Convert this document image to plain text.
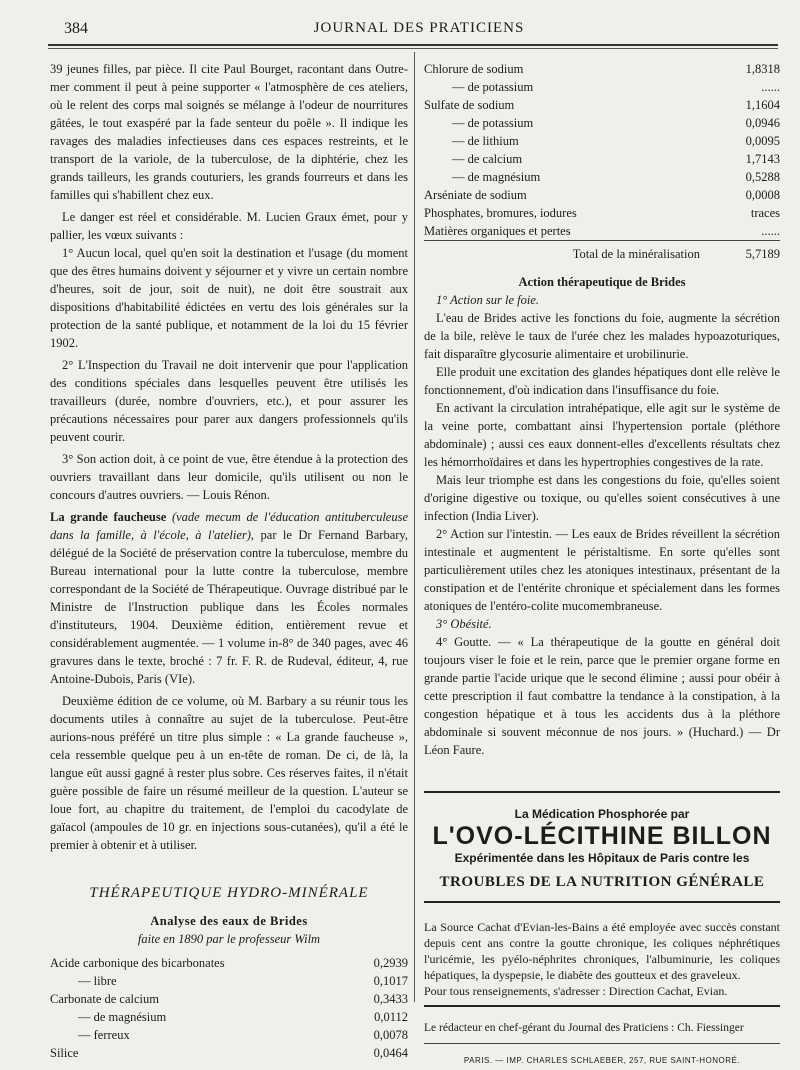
384	JOURNAL DES PRATICIENS

39 jeunes filles, par pièce. Il cite Paul Bourget, racontant dans Outre-mer comment il peut à peine supporter « l'atmosphère de ces ateliers, où le relent des corps mal soignés se mélange à l'odeur de nourritures gâtées, le tout exaspéré par la fade senteur du poêle ». Il indique les ravages des maladies infectieuses dans ces espaces restreints, et le transport de la variole, de la tuberculose, de la diphtérie, chez les grands tailleurs, les grands couturiers, les grands fourreurs et dans les familles qui s'habillent chez eux.

Le danger est réel et considérable. M. Lucien Graux émet, pour y pallier, les vœux suivants :

1° Aucun local, quel qu'en soit la destination et l'usage (du moment que des êtres humains doivent y séjourner et y vivre un certain nombre d'heures, soit de jour, soit de nuit), ne doit être soustrait aux dispositions d'habitabilité édictées en vertu des lois générales sur la protection de la santé publique, et notamment de la loi du 15 février 1902.

2° L'Inspection du Travail ne doit intervenir que pour l'application des conditions spéciales dans lesquelles peuvent être utilisés les travailleurs (durée, nombre d'ouvriers, etc.), et pour assurer les précautions nécessaires pour parer aux dangers professionnels qu'ils peuvent courir.

3° Son action doit, à ce point de vue, être étendue à la protection des ouvriers travaillant dans leur domicile, qu'ils utilisent ou non le concours d'autres ouvriers. — Louis Rénon.

La grande faucheuse (vade mecum de l'éducation antituberculeuse dans la famille, à l'école, à l'atelier), par le Dr Fernand Barbary, délégué de la Société de préservation contre la tuberculose, membre du Bureau international pour la lutte contre la tuberculose, membre correspondant de la Société de Thérapeutique. Ouvrage distribué par le Ministre de l'Instruction publique dans les Écoles normales d'instituteurs, 1904. Deuxième édition, entièrement revue et considérablement augmentée. — 1 volume in-8° de 340 pages, avec 46 gravures dans le texte, broché : 7 fr. F. R. de Rudeval, éditeur, 4, rue Antoine-Dubois, Paris (VIe).

Deuxième édition de ce volume, où M. Barbary a su réunir tous les documents utiles à connaître au sujet de la tuberculose. Peut-être aurions-nous préféré un titre plus simple : « La grande faucheuse », cela ressemble quelque peu à un en-tête de roman. De ci, de là, la langue eût aussi gagné à rester plus sobre. Ces réserves faites, il n'était guère possible de faire un résumé meilleur de la question. L'auteur se loue fort, au chapitre du traitement, de l'emploi du cacodylate de gaïacol (ampoules de 10 gr. en injections sous-cutanées), qu'il a été le premier à obtenir et à utiliser.

THÉRAPEUTIQUE HYDRO-MINÉRALE
Analyse des eaux de Brides
faite en 1890 par le professeur Wilm
Acide carbonique des bicarbonates	0,2939
— libre	0,1017
Carbonate de calcium	0,3433
— de magnésium	0,0112
— ferreux	0,0078
Silice	0,0464
Chlorure de sodium	1,8318
— de potassium	......
Sulfate de sodium	1,1604
— de potassium	0,0946
— de lithium	0,0095
— de calcium	1,7143
— de magnésium	0,5288
Arséniate de sodium	0,0008
Phosphates, bromures, iodures	traces
Matières organiques et pertes	......
Total de la minéralisation	5,7189
Action thérapeutique de Brides

1° Action sur le foie.

L'eau de Brides active les fonctions du foie, augmente la sécrétion de la bile, relève le taux de l'urée chez les malades hypoazoturiques, fait disparaître glycosurie alimentaire et urobilinurie.

Elle produit une excitation des glandes hépatiques dont elle relève le fonctionnement, d'où indication dans l'insuffisance du foie.

En activant la circulation intrahépatique, elle agit sur le système de la veine porte, combattant ainsi l'hypertension portale (pléthore abdominale) ; aussi ces eaux donnent-elles d'excellents résultats chez les hémorrhoïdaires et dans les hypertrophies congestives de la rate.

Mais leur triomphe est dans les congestions du foie, qu'elles soient d'origine digestive ou toxique, ou qu'elles soient consécutives à une infection (India Liver).

2° Action sur l'intestin. — Les eaux de Brides réveillent la sécrétion intestinale et augmentent le péristaltisme. En sorte qu'elles sont particulièrement utiles chez les atoniques intestinaux, présentant de la constipation et de l'entérite chronique et spécialement dans les formes atoniques de l'entéro-colite mucomembraneuse.

3° Obésité.

4° Goutte. — « La thérapeutique de la goutte en général doit toujours viser le foie et le rein, parce que le premier organe forme en grande partie l'acide urique que le second élimine ; aussi pour obéir à cette prescription il faut combattre la tendance à la constipation, à la congestion hépatique et à tous les accidents dus à la pléthore abdominale si souvent méconnue de nos jours. » (Huchard.) — Dr Léon Faure.

La Médication Phosphorée par
L'OVO-LÉCITHINE BILLON
Expérimentée dans les Hôpitaux de Paris contre les
TROUBLES DE LA NUTRITION GÉNÉRALE
La Source Cachat d'Evian-les-Bains a été employée avec succès constant depuis cent ans contre la goutte chronique, les coliques néphrétiques l'uricémie, les pyélo-néphrites chroniques, l'albuminurie, les coliques hépatiques, la dyspepsie, le diabète des goutteux et des graveleux.
Pour tous renseignements, s'adresser : Direction Cachat, Evian.
Le rédacteur en chef-gérant du Journal des Praticiens : Ch. Fiessinger
PARIS. — IMP. CHARLES SCHLAEBER, 257, RUE SAINT-HONORÉ.
